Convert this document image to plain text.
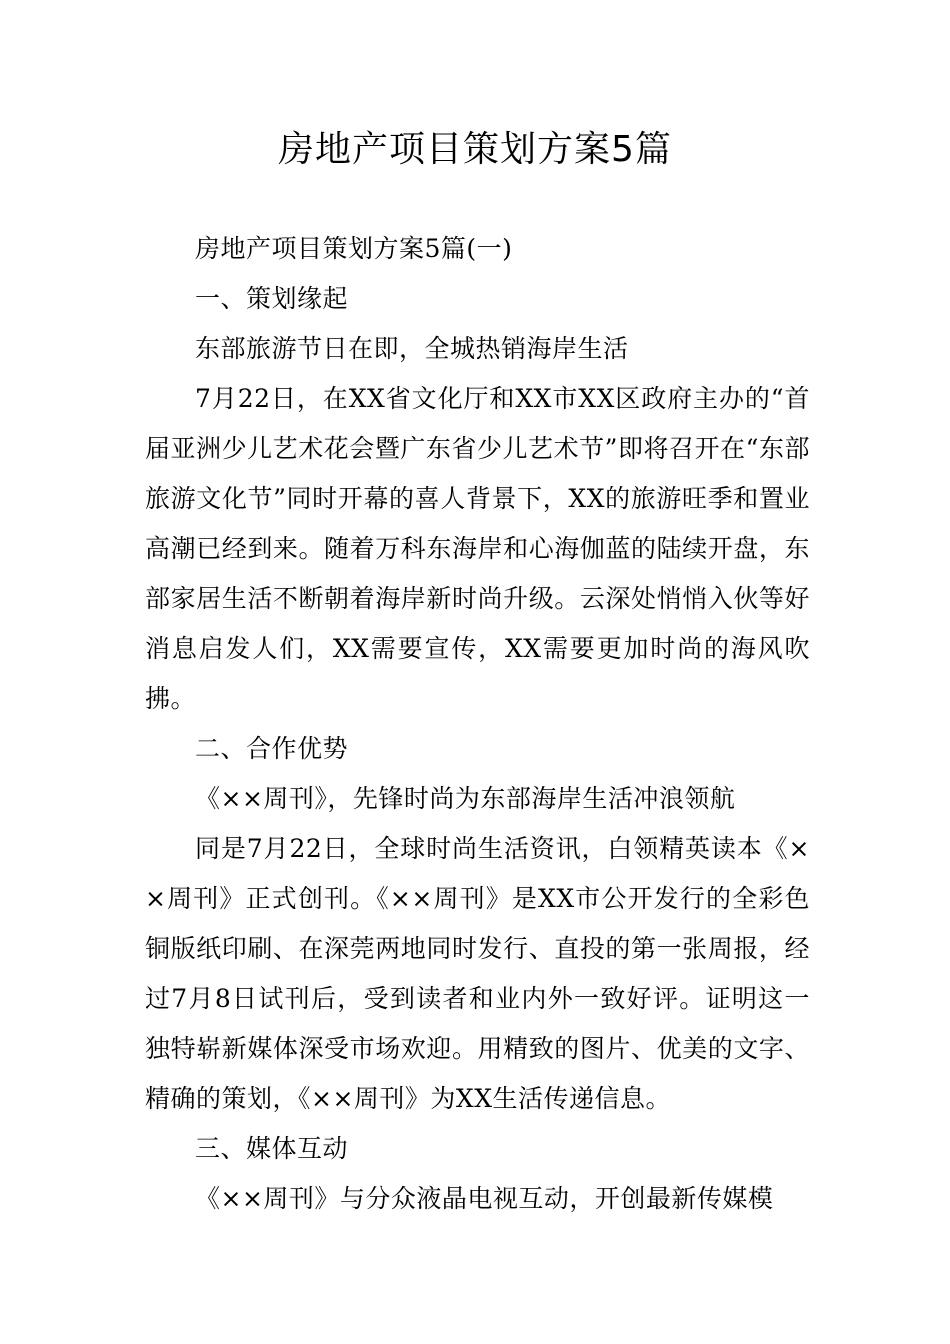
房地产项目策划方案5篇

房地产项目策划方案5篇(一)

一、策划缘起

东部旅游节日在即，全城热销海岸生活

7月22日，在XX省文化厅和XX市XX区政府主办的“首届亚洲少儿艺术花会暨广东省少儿艺术节”即将召开在“东部旅游文化节”同时开幕的喜人背景下，XX的旅游旺季和置业高潮已经到来。随着万科东海岸和心海伽蓝的陆续开盘，东部家居生活不断朝着海岸新时尚升级。云深处悄悄入伙等好消息启发人们，XX需要宣传，XX需要更加时尚的海风吹拂。

二、合作优势

《××周刊》，先锋时尚为东部海岸生活冲浪领航

同是7月22日，全球时尚生活资讯，白领精英读本《××周刊》正式创刊。《××周刊》是XX市公开发行的全彩色铜版纸印刷、在深莞两地同时发行、直投的第一张周报，经过7月8日试刊后，受到读者和业内外一致好评。证明这一独特崭新媒体深受市场欢迎。用精致的图片、优美的文字、精确的策划，《××周刊》为XX生活传递信息。

三、媒体互动

《××周刊》与分众液晶电视互动，开创最新传媒模
